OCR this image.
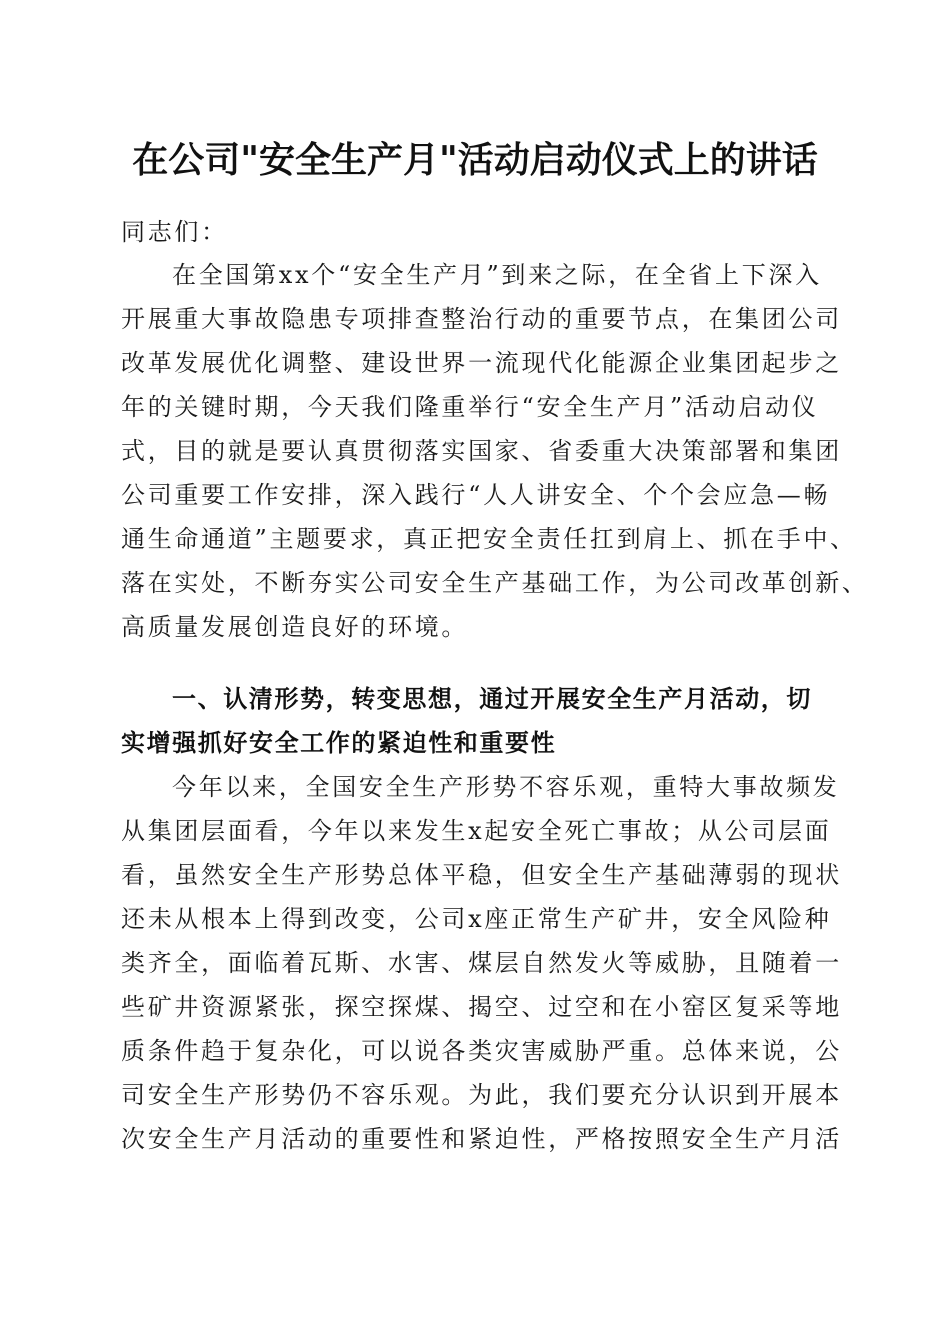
在公司"安全生产月"活动启动仪式上的讲话
同志们：
在全国第xx个“安全生产月”到来之际，在全省上下深入
开展重大事故隐患专项排查整治行动的重要节点，在集团公司
改革发展优化调整、建设世界一流现代化能源企业集团起步之
年的关键时期，今天我们隆重举行“安全生产月”活动启动仪
式，目的就是要认真贯彻落实国家、省委重大决策部署和集团
公司重要工作安排，深入践行“人人讲安全、个个会应急—畅
通生命通道”主题要求，真正把安全责任扛到肩上、抓在手中、
落在实处，不断夯实公司安全生产基础工作，为公司改革创新、
高质量发展创造良好的环境。
一、认清形势，转变思想，通过开展安全生产月活动，切
实增强抓好安全工作的紧迫性和重要性
今年以来，全国安全生产形势不容乐观，重特大事故频发
从集团层面看，今年以来发生x起安全死亡事故；从公司层面
看，虽然安全生产形势总体平稳，但安全生产基础薄弱的现状
还未从根本上得到改变，公司x座正常生产矿井，安全风险种
类齐全，面临着瓦斯、水害、煤层自然发火等威胁，且随着一
些矿井资源紧张，探空探煤、揭空、过空和在小窑区复采等地
质条件趋于复杂化，可以说各类灾害威胁严重。总体来说，公
司安全生产形势仍不容乐观。为此，我们要充分认识到开展本
次安全生产月活动的重要性和紧迫性，严格按照安全生产月活
